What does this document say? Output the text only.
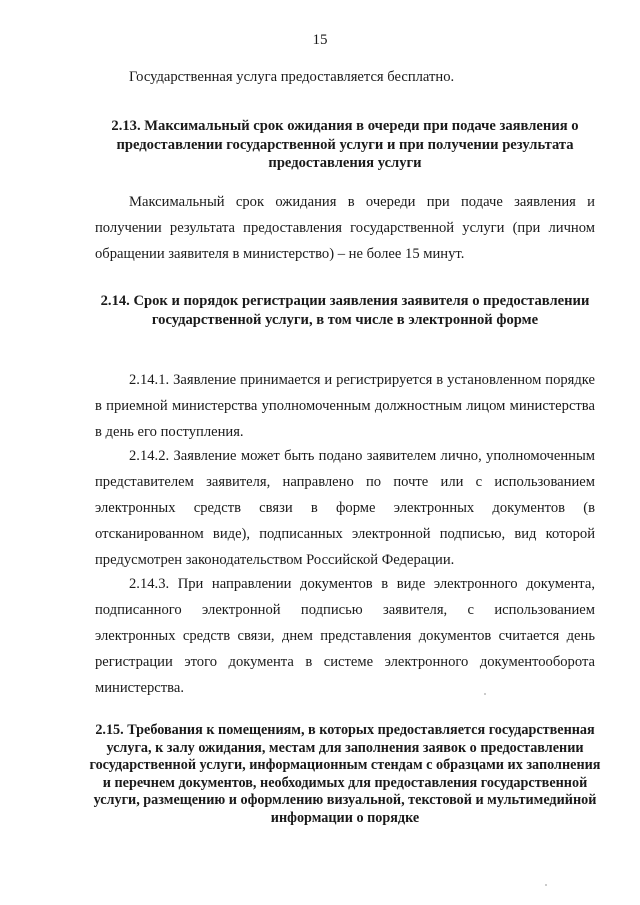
15
Государственная услуга предоставляется бесплатно.
2.13. Максимальный срок ожидания в очереди при подаче заявления о предоставлении государственной услуги и при получении результата предоставления услуги
Максимальный срок ожидания в очереди при подаче заявления и получении результата предоставления государственной услуги (при личном обращении заявителя в министерство) – не более 15 минут.
2.14. Срок и порядок регистрации заявления заявителя о предоставлении государственной услуги, в том числе в электронной форме
2.14.1. Заявление принимается и регистрируется в установленном порядке в приемной министерства уполномоченным должностным лицом министерства в день его поступления.
2.14.2. Заявление может быть подано заявителем лично, уполномоченным представителем заявителя, направлено по почте или с использованием электронных средств связи в форме электронных документов (в отсканированном виде), подписанных электронной подписью, вид которой предусмотрен законодательством Российской Федерации.
2.14.3. При направлении документов в виде электронного документа, подписанного электронной подписью заявителя, с использованием электронных средств связи, днем представления документов считается день регистрации этого документа в системе электронного документооборота министерства.
2.15. Требования к помещениям, в которых предоставляется государственная услуга, к залу ожидания, местам для заполнения заявок о предоставлении государственной услуги, информационным стендам с образцами их заполнения и перечнем документов, необходимых для предоставления государственной услуги, размещению и оформлению визуальной, текстовой и мультимедийной информации о порядке
